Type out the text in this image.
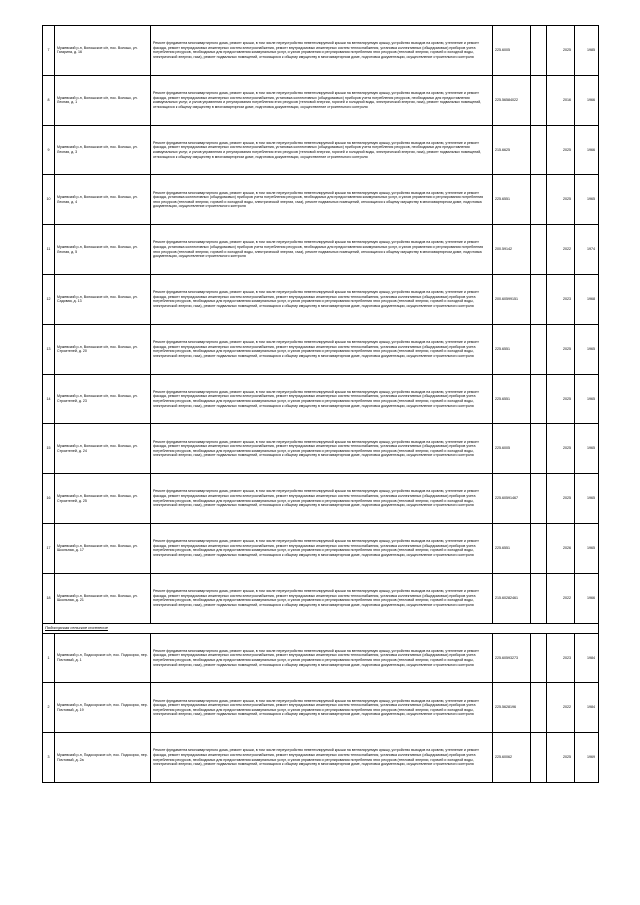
7	Мужевский р-н, Волошское с/п, пос. Волошк, ул. Гагарина, д. 16	Ремонт фундамента многоквартирного дома, ремонт крыши, в том числе переустройство невентилируемой крыши на вентилируемую крышу, устройство выходов на кровлю, утепление и ремонт фасада, ремонт внутридомовых инженерных систем электроснабжения, ремонт внутридомовых инженерных систем теплоснабжения, установка коллективных (общедомовых) приборов учета потребления ресурсов, необходимых для предоставления коммунальных услуг, и узлов управления и регулирования потребления этих ресурсов (тепловой энергии, горячей и холодной воды, электрической энергии, газа), ремонт подвальных помещений, относящихся к общему имуществу в многоквартирном доме, подготовка документации, осуществление строительного контроля	225.6005		2025	1985
8	Мужевский р-н, Волошское с/п, пос. Волошк, ул. Лесная, д. 1	Ремонт фундамента многоквартирного дома, ремонт крыши, в том числе переустройство невентилируемой крыши на вентилируемую крышу, устройство выходов на кровлю, утепление и ремонт фасада, ремонт внутридомовых инженерных систем электроснабжения, установка коллективных (общедомовых) приборов учета потребления ресурсов, необходимых для предоставления коммунальных услуг, и узлов управления и регулирования потребления этих ресурсов (тепловой энергии, горячей и холодной воды, электрической энергии, газа), ремонт подвальных помещений, относящихся к общему имуществу в многоквартирном доме, подготовка документации, осуществление строительного контроля	225.56584022		2016	1966
9	Мужевский р-н, Волошское с/п, пос. Волошк, ул. Лесная, д. 3	Ремонт фундамента многоквартирного дома, ремонт крыши, в том числе переустройство невентилируемой крыши на вентилируемую крышу, устройство выходов на кровлю, утепление и ремонт фасада, ремонт внутридомовых инженерных систем электроснабжения, установка коллективных (общедомовых) приборов учета потребления ресурсов, необходимых для предоставления коммунальных услуг, и узлов управления и регулирования потребления этих ресурсов (тепловой энергии, горячей и холодной воды, электрической энергии, газа), ремонт подвальных помещений, относящихся к общему имуществу в многоквартирном доме, подготовка документации, осуществление строительного контроля	215.6625		2025	1966
10	Мужевский р-н, Волошское с/п, пос. Волошк, ул. Лесная, д. 4	Ремонт фундамента многоквартирного дома, ремонт крыши, в том числе переустройство невентилируемой крыши на вентилируемую крышу, устройство выходов на кровлю, утепление и ремонт фасада, установка коллективных (общедомовых) приборов учета потребления ресурсов, необходимых для предоставления коммунальных услуг, и узлов управления и регулирования потребления этих ресурсов (тепловой энергии, горячей и холодной воды, электрической энергии, газа), ремонт подвальных помещений, относящихся к общему имуществу в многоквартирном доме, подготовка документации, осуществление строительного контроля	225.6551		2025	1965
11	Мужевский р-н, Волошское с/п, пос. Волошк, ул. Лесная, д. 5	Ремонт фундамента многоквартирного дома, ремонт крыши, в том числе переустройство невентилируемой крыши на вентилируемую крышу, устройство выходов на кровлю, утепление и ремонт фасада, установка коллективных (общедомовых) приборов учета потребления ресурсов, необходимых для предоставления коммунальных услуг, и узлов управления и регулирования потребления этих ресурсов (тепловой энергии, горячей и холодной воды, электрической энергии, газа), ремонт подвальных помещений, относящихся к общему имуществу в многоквартирном доме, подготовка документации, осуществление строительного контроля	200.59142		2022	1974
12	Мужевский р-н, Волошское с/п, пос. Волошк, ул. Садовая, д. 13	Ремонт фундамента многоквартирного дома, ремонт крыши, в том числе переустройство невентилируемой крыши на вентилируемую крышу, устройство выходов на кровлю, утепление и ремонт фасада, ремонт внутридомовых инженерных систем электроснабжения, ремонт внутридомовых инженерных систем теплоснабжения, установка коллективных (общедомовых) приборов учета потребления ресурсов, необходимых для предоставления коммунальных услуг, и узлов управления и регулирования потребления этих ресурсов (тепловой энергии, горячей и холодной воды, электрической энергии, газа), ремонт подвальных помещений, относящихся к общему имуществу в многоквартирном доме, подготовка документации, осуществление строительного контроля	200.60599151		2023	1968
13	Мужевский р-н, Волошское с/п, пос. Волошк, ул. Строителей, д. 20	Ремонт фундамента многоквартирного дома, ремонт крыши, в том числе переустройство невентилируемой крыши на вентилируемую крышу, устройство выходов на кровлю, утепление и ремонт фасада, ремонт внутридомовых инженерных систем электроснабжения, ремонт внутридомовых инженерных систем теплоснабжения, установка коллективных (общедомовых) приборов учета потребления ресурсов, необходимых для предоставления коммунальных услуг, и узлов управления и регулирования потребления этих ресурсов (тепловой энергии, горячей и холодной воды, электрической энергии, газа), ремонт подвальных помещений, относящихся к общему имуществу в многоквартирном доме, подготовка документации, осуществление строительного контроля	225.6551		2025	1965
14	Мужевский р-н, Волошское с/п, пос. Волошк, ул. Строителей, д. 23	Ремонт фундамента многоквартирного дома, ремонт крыши, в том числе переустройство невентилируемой крыши на вентилируемую крышу, устройство выходов на кровлю, утепление и ремонт фасада, ремонт внутридомовых инженерных систем электроснабжения, ремонт внутридомовых инженерных систем теплоснабжения, установка коллективных (общедомовых) приборов учета потребления ресурсов, необходимых для предоставления коммунальных услуг, и узлов управления и регулирования потребления этих ресурсов (тепловой энергии, горячей и холодной воды, электрической энергии, газа), ремонт подвальных помещений, относящихся к общему имуществу в многоквартирном доме, подготовка документации, осуществление строительного контроля	225.6551		2025	1965
15	Мужевский р-н, Волошское с/п, пос. Волошк, ул. Строителей, д. 24	Ремонт фундамента многоквартирного дома, ремонт крыши, в том числе переустройство невентилируемой крыши на вентилируемую крышу, устройство выходов на кровлю, утепление и ремонт фасада, ремонт внутридомовых инженерных систем электроснабжения, ремонт внутридомовых инженерных систем теплоснабжения, установка коллективных (общедомовых) приборов учета потребления ресурсов, необходимых для предоставления коммунальных услуг, и узлов управления и регулирования потребления этих ресурсов (тепловой энергии, горячей и холодной воды, электрической энергии, газа), ремонт подвальных помещений, относящихся к общему имуществу в многоквартирном доме, подготовка документации, осуществление строительного контроля	225.6005		2025	1965
16	Мужевский р-н, Волошское с/п, пос. Волошк, ул. Строителей, д. 25	Ремонт фундамента многоквартирного дома, ремонт крыши, в том числе переустройство невентилируемой крыши на вентилируемую крышу, устройство выходов на кровлю, утепление и ремонт фасада, ремонт внутридомовых инженерных систем электроснабжения, ремонт внутридомовых инженерных систем теплоснабжения, установка коллективных (общедомовых) приборов учета потребления ресурсов, необходимых для предоставления коммунальных услуг, и узлов управления и регулирования потребления этих ресурсов (тепловой энергии, горячей и холодной воды, электрической энергии, газа), ремонт подвальных помещений, относящихся к общему имуществу в многоквартирном доме, подготовка документации, осуществление строительного контроля	225.60591467		2025	1965
17	Мужевский р-н, Волошское с/п, пос. Волошк, ул. Школьная, д. 17	Ремонт фундамента многоквартирного дома, ремонт крыши, в том числе переустройство невентилируемой крыши на вентилируемую крышу, устройство выходов на кровлю, утепление и ремонт фасада, ремонт внутридомовых инженерных систем электроснабжения, ремонт внутридомовых инженерных систем теплоснабжения, установка коллективных (общедомовых) приборов учета потребления ресурсов, необходимых для предоставления коммунальных услуг, и узлов управления и регулирования потребления этих ресурсов (тепловой энергии, горячей и холодной воды, электрической энергии, газа), ремонт подвальных помещений, относящихся к общему имуществу в многоквартирном доме, подготовка документации, осуществление строительного контроля	225.6551		2026	1965
18	Мужевский р-н, Волошское с/п, пос. Волошк, ул. Школьная, д. 21	Ремонт фундамента многоквартирного дома, ремонт крыши, в том числе переустройство невентилируемой крыши на вентилируемую крышу, устройство выходов на кровлю, утепление и ремонт фасада, ремонт внутридомовых инженерных систем электроснабжения, ремонт внутридомовых инженерных систем теплоснабжения, установка коллективных (общедомовых) приборов учета потребления ресурсов, необходимых для предоставления коммунальных услуг, и узлов управления и регулирования потребления этих ресурсов (тепловой энергии, горячей и холодной воды, электрической энергии, газа), ремонт подвальных помещений, относящихся к общему имуществу в многоквартирном доме, подготовка документации, осуществление строительного контроля	215.60282461		2022	1966
Подосорская сельское поселение						
1	Мужевский р-н, Подосорское с/п, пос. Подосорск, пер. Почтовый, д. 1	Ремонт фундамента многоквартирного дома, ремонт крыши, в том числе переустройство невентилируемой крыши на вентилируемую крышу, устройство выходов на кровлю, утепление и ремонт фасада, ремонт внутридомовых инженерных систем электроснабжения, ремонт внутридомовых инженерных систем теплоснабжения, установка коллективных (общедомовых) приборов учета потребления ресурсов, необходимых для предоставления коммунальных услуг, и узлов управления и регулирования потребления этих ресурсов (тепловой энергии, горячей и холодной воды, электрической энергии, газа), ремонт подвальных помещений, относящихся к общему имуществу в многоквартирном доме, подготовка документации, осуществление строительного контроля	225.60593273		2023	1984
2	Мужевский р-н, Подосорское с/п, пос. Подосорск, пер. Почтовый, д. 19	Ремонт фундамента многоквартирного дома, ремонт крыши, в том числе переустройство невентилируемой крыши на вентилируемую крышу, устройство выходов на кровлю, утепление и ремонт фасада, ремонт внутридомовых инженерных систем электроснабжения, ремонт внутридомовых инженерных систем теплоснабжения, установка коллективных (общедомовых) приборов учета потребления ресурсов, необходимых для предоставления коммунальных услуг, и узлов управления и регулирования потребления этих ресурсов (тепловой энергии, горячей и холодной воды, электрической энергии, газа), ремонт подвальных помещений, относящихся к общему имуществу в многоквартирном доме, подготовка документации, осуществление строительного контроля	225.5628196		2022	1984
3	Мужевский р-н, Подосорское с/п, пос. Подосорск, пер. Почтовый, д. 2а	Ремонт фундамента многоквартирного дома, ремонт крыши, в том числе переустройство невентилируемой крыши на вентилируемую крышу, устройство выходов на кровлю, утепление и ремонт фасада, ремонт внутридомовых инженерных систем электроснабжения, ремонт внутридомовых инженерных систем теплоснабжения, установка коллективных (общедомовых) приборов учета потребления ресурсов, необходимых для предоставления коммунальных услуг, и узлов управления и регулирования потребления этих ресурсов (тепловой энергии, горячей и холодной воды, электрической энергии, газа), ремонт подвальных помещений, относящихся к общему имуществу в многоквартирном доме, подготовка документации, осуществление строительного контроля	225.60062		2025	1969
